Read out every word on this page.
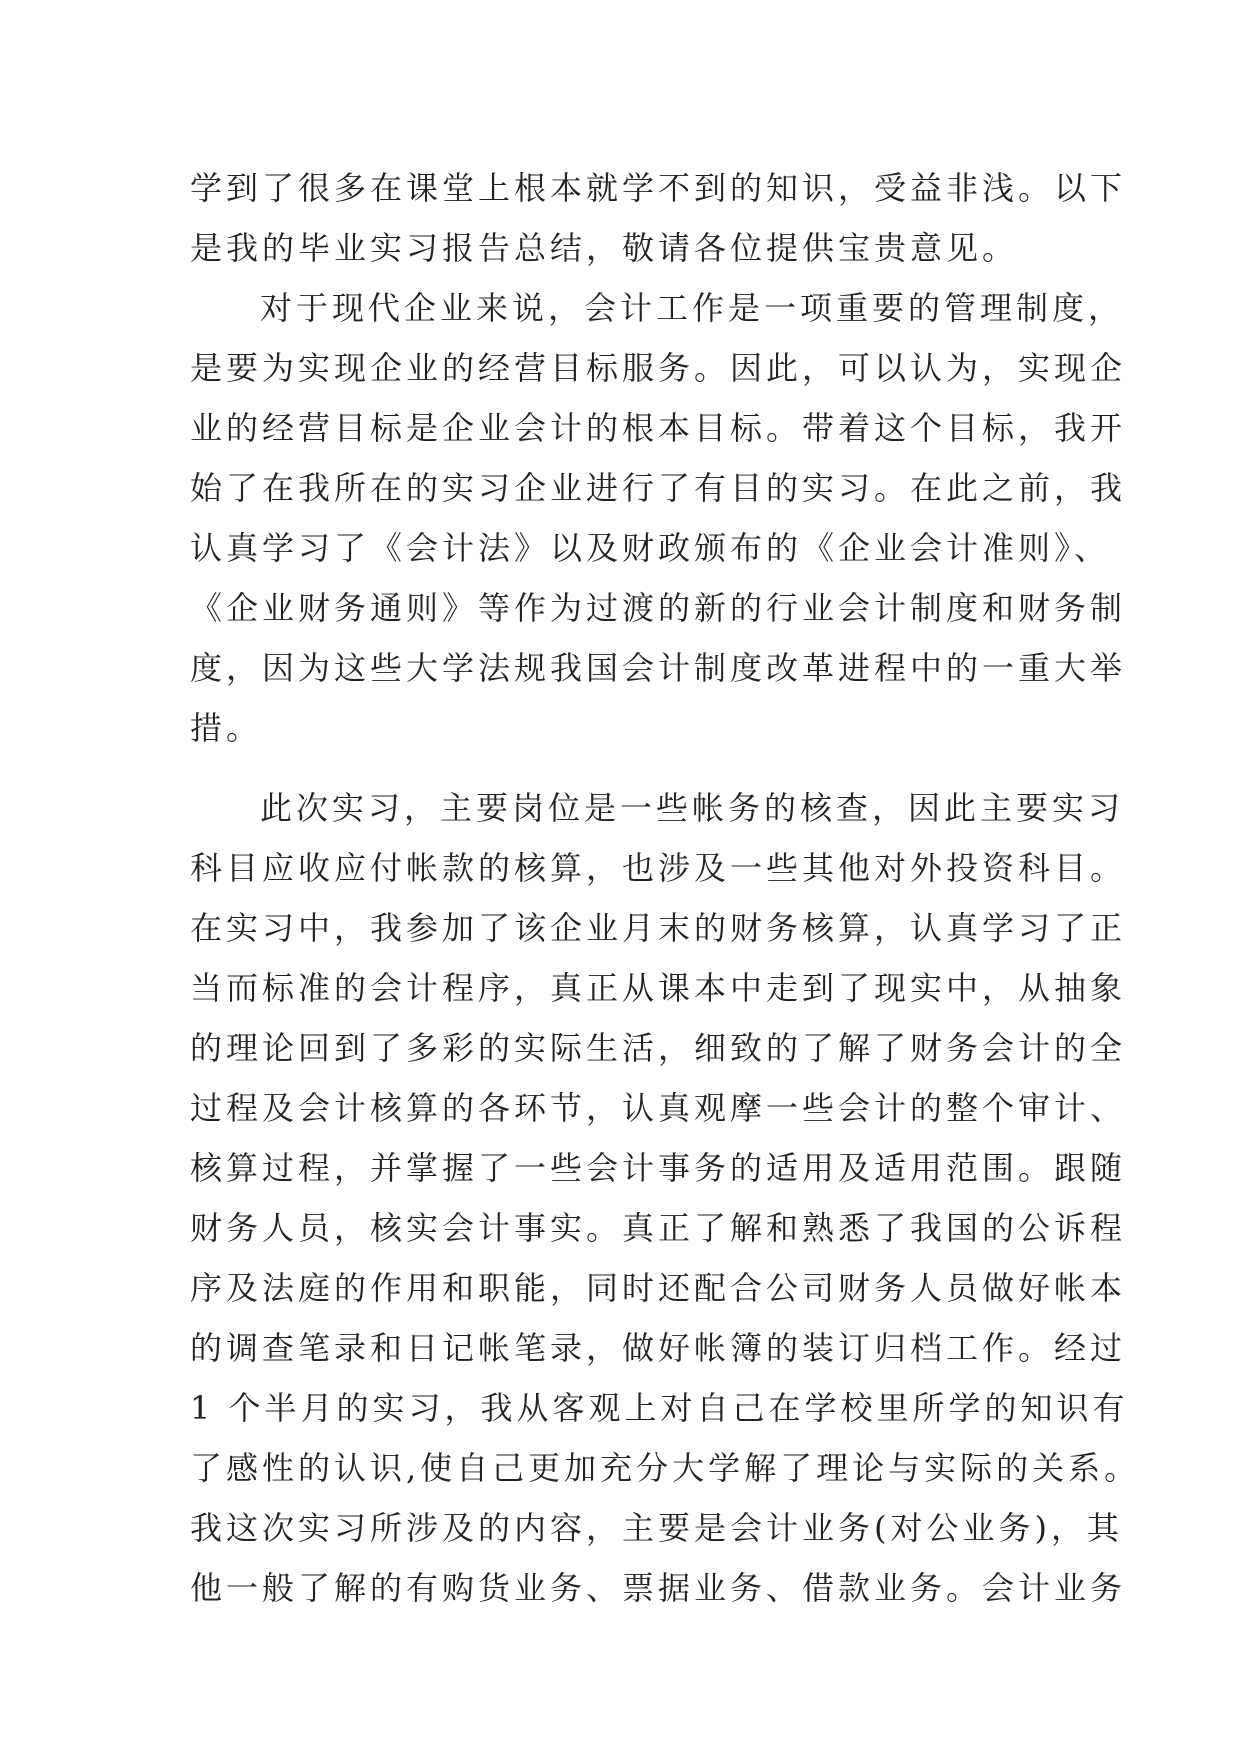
学到了很多在课堂上根本就学不到的知识，受益非浅。以下
是我的毕业实习报告总结，敬请各位提供宝贵意见。
对于现代企业来说，会计工作是一项重要的管理制度，
是要为实现企业的经营目标服务。因此，可以认为，实现企
业的经营目标是企业会计的根本目标。带着这个目标，我开
始了在我所在的实习企业进行了有目的实习。在此之前，我
认真学习了《会计法》以及财政颁布的《企业会计准则》、
《企业财务通则》等作为过渡的新的行业会计制度和财务制
度，因为这些大学法规我国会计制度改革进程中的一重大举
措。
此次实习，主要岗位是一些帐务的核查，因此主要实习
科目应收应付帐款的核算，也涉及一些其他对外投资科目。
在实习中，我参加了该企业月末的财务核算，认真学习了正
当而标准的会计程序，真正从课本中走到了现实中，从抽象
的理论回到了多彩的实际生活，细致的了解了财务会计的全
过程及会计核算的各环节，认真观摩一些会计的整个审计、
核算过程，并掌握了一些会计事务的适用及适用范围。跟随
财务人员，核实会计事实。真正了解和熟悉了我国的公诉程
序及法庭的作用和职能，同时还配合公司财务人员做好帐本
的调查笔录和日记帐笔录，做好帐簿的装订归档工作。经过
1 个半月的实习，我从客观上对自己在学校里所学的知识有
了感性的认识,使自己更加充分大学解了理论与实际的关系。
我这次实习所涉及的内容，主要是会计业务(对公业务)，其
他一般了解的有购货业务、票据业务、借款业务。会计业务
